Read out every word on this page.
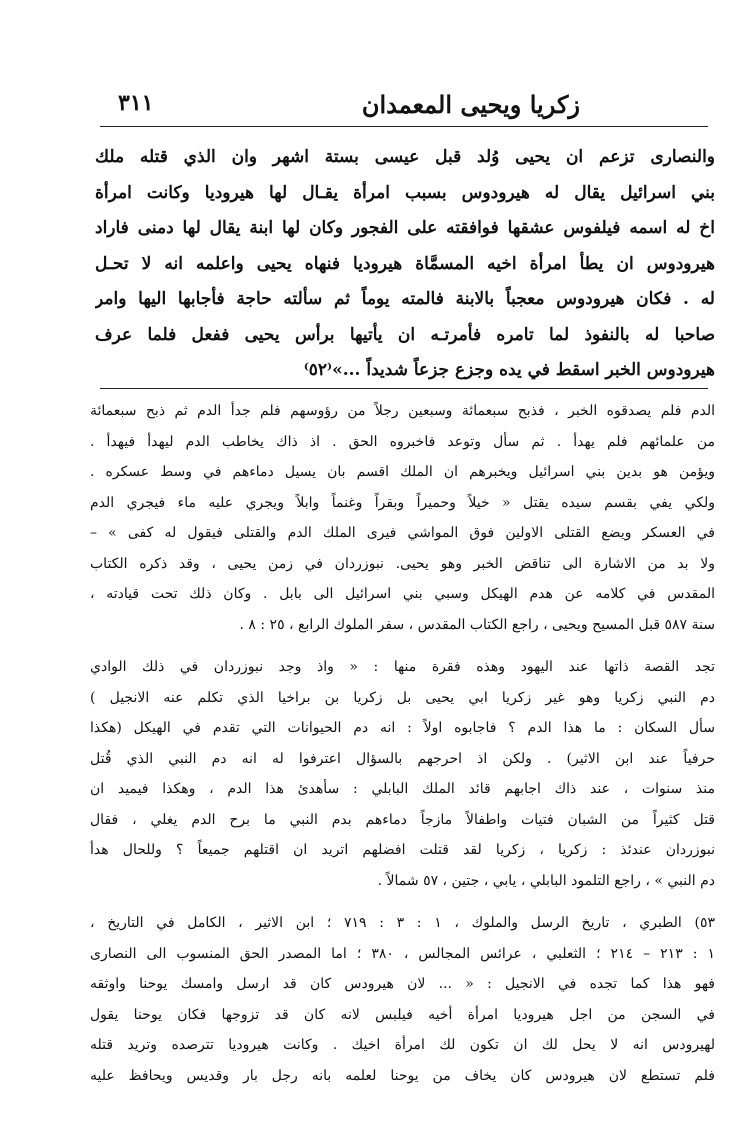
زكريا ويحيى المعمدان
٣١١
والنصارى تزعم ان يحيى وُلد قبل عيسى بستة اشهر وان الذي قتله ملك
بني اسرائيل يقال له هيرودوس بسبب امرأة يقـال لها هيروديا وكانت امرأة
اخ له اسمه فيلفوس عشقها فوافقته على الفجور وكان لها ابنة يقال لها دمنى فاراد
هيرودوس ان يطأ امرأة اخيه المسمَّاة هيروديا فنهاه يحيى واعلمه انه لا تحـل
له . فكان هيرودوس معجباً بالابنة فالمته يوماً ثم سألته حاجة فأجابها اليها وامر
صاحبا له بالنفوذ لما تامره فأمرتـه ان يأتيها برأس يحيى ففعل فلما عرف
هيرودوس الخبر اسقط في يده وجزع جزعاً شديداً ...»⁽٥٢⁾
الدم فلم يصدقوه الخبر ، فذبح سبعمائة وسبعين رجلاً من رؤوسهم فلم جدأ الدم ثم ذبح سبعمائة
من علمائهم فلم يهدأ . ثم سأل وتوعد فاخبروه الحق . اذ ذاك يخاطب الدم ليهدأ فيهدأ .
ويؤمن هو بدين بني اسرائيل ويخبرهم ان الملك اقسم بان يسيل دماءهم في وسط عسكره .
ولكي يفي بقسم سيده يقتل « خيلاً وحميراً وبقراً وغنماً وابلاً ويجري عليه ماء فيجري الدم
في العسكر ويضع القتلى الاولين فوق المواشي فيرى الملك الدم والقتلى فيقول له كفى » –
ولا بد من الاشارة الى تناقض الخبر وهو يحيى. نبوزردان في زمن يحيى ، وقد ذكره الكتاب
المقدس في كلامه عن هدم الهيكل وسبي بني اسرائيل الى بابل . وكان ذلك تحت قيادته ،
سنة ٥٨٧ قبل المسيح ويحيى ، راجع الكتاب المقدس ، سفر الملوك الرابع ، ٢٥ : ٨ .
تجد القصة ذاتها عند اليهود وهذه فقرة منها : « واذ وجد نبوزردان في ذلك الوادي
دم النبي زكريا وهو غير زكريا ابي يحيى بل زكريا بن براخيا الذي تكلم عنه الانجيل )
سأل السكان : ما هذا الدم ؟ فاجابوه اولاً : انه دم الحيوانات التي تقدم في الهيكل (هكذا
حرفياً عند ابن الاثير) . ولكن اذ احرجهم بالسؤال اعترفوا له انه دم النبي الذي قُتل
منذ سنوات ، عند ذاك اجابهم قائد الملك البابلي : سأهدئ هذا الدم ، وهكذا فيميد ان
قتل كثيراً من الشبان فتيات واطفالاً مازجاً دماءهم بدم النبي ما برح الدم يغلي ، فقال
نبوزردان عندئذ : زكريا ، زكريا لقد قتلت افضلهم اتريد ان اقتلهم جميعاً ؟ وللحال هدأ
دم النبي » ، راجع التلمود البابلي ، يابي ، جتين ، ٥٧ شمالاً .
٥٣) الطبري ، تاريخ الرسل والملوك ، ١ : ٣ : ٧١٩ ؛ ابن الاثير ، الكامل في التاريخ ،
١ : ٢١٣ – ٢١٤ ؛ الثعلبي ، عرائس المجالس ، ٣٨٠ ؛ اما المصدر الحق المنسوب الى النصارى
فهو هذا كما تجده في الانجيل : « ... لان هيرودس كان قد ارسل وامسك يوحنا واوثقه
في السجن من اجل هيروديا امرأة أخيه فيلبس لانه كان قد تزوجها فكان يوحنا يقول
لهيرودس انه لا يحل لك ان تكون لك امرأة اخيك . وكانت هيروديا تترصده وتريد قتله
فلم تستطع لان هيرودس كان يخاف من يوحنا لعلمه بانه رجل بار وقديس ويحافظ عليه
